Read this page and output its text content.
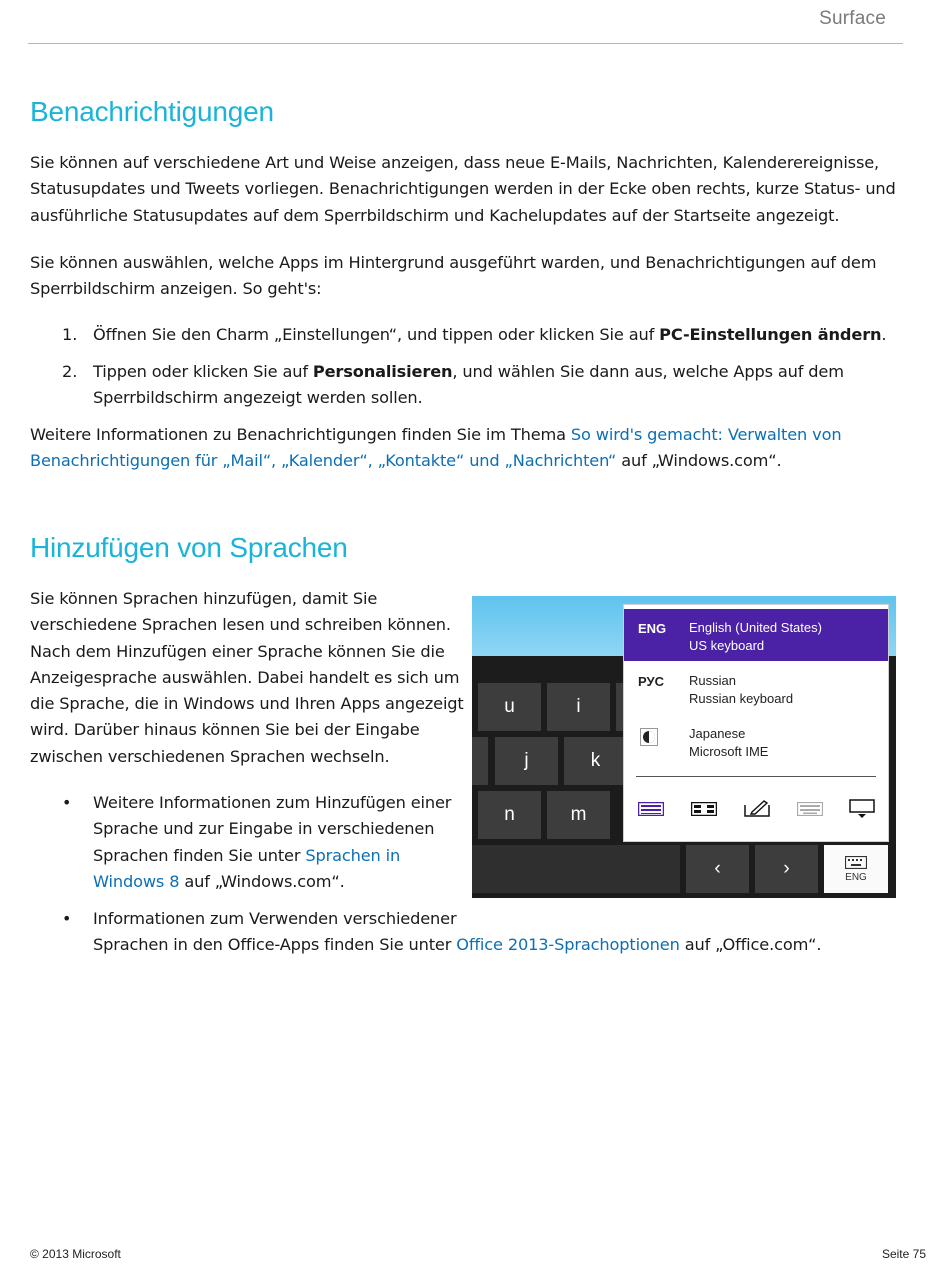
Surface
Benachrichtigungen
Sie können auf verschiedene Art und Weise anzeigen, dass neue E-Mails, Nachrichten, Kalenderereignisse,
Statusupdates und Tweets vorliegen. Benachrichtigungen werden in der Ecke oben rechts, kurze Status- und
ausführliche Statusupdates auf dem Sperrbildschirm und Kachelupdates auf der Startseite angezeigt.
Sie können auswählen, welche Apps im Hintergrund ausgeführt warden, und Benachrichtigungen auf dem
Sperrbildschirm anzeigen. So geht's:
1. Öffnen Sie den Charm „Einstellungen“, und tippen oder klicken Sie auf PC-Einstellungen ändern.
2. Tippen oder klicken Sie auf Personalisieren, und wählen Sie dann aus, welche Apps auf dem
Sperrbildschirm angezeigt werden sollen.
Weitere Informationen zu Benachrichtigungen finden Sie im Thema So wird's gemacht: Verwalten von
Benachrichtigungen für „Mail“, „Kalender“, „Kontakte“ und „Nachrichten“ auf „Windows.com“.
Hinzufügen von Sprachen
Sie können Sprachen hinzufügen, damit Sie
verschiedene Sprachen lesen und schreiben können.
Nach dem Hinzufügen einer Sprache können Sie die
Anzeigesprache auswählen. Dabei handelt es sich um
die Sprache, die in Windows und Ihren Apps angezeigt
wird. Darüber hinaus können Sie bei der Eingabe
zwischen verschiedenen Sprachen wechseln.
• Weitere Informationen zum Hinzufügen einer
Sprache und zur Eingabe in verschiedenen
Sprachen finden Sie unter Sprachen in
Windows 8 auf „Windows.com“.
• Informationen zum Verwenden verschiedener
Sprachen in den Office-Apps finden Sie unter Office 2013-Sprachoptionen auf „Office.com“.
u	i
j	k
n	m
‹	›	ENG
ENG English (United States)
US keyboard
РУС Russian
Russian keyboard
Japanese
Microsoft IME
© 2013 Microsoft	Seite 75
